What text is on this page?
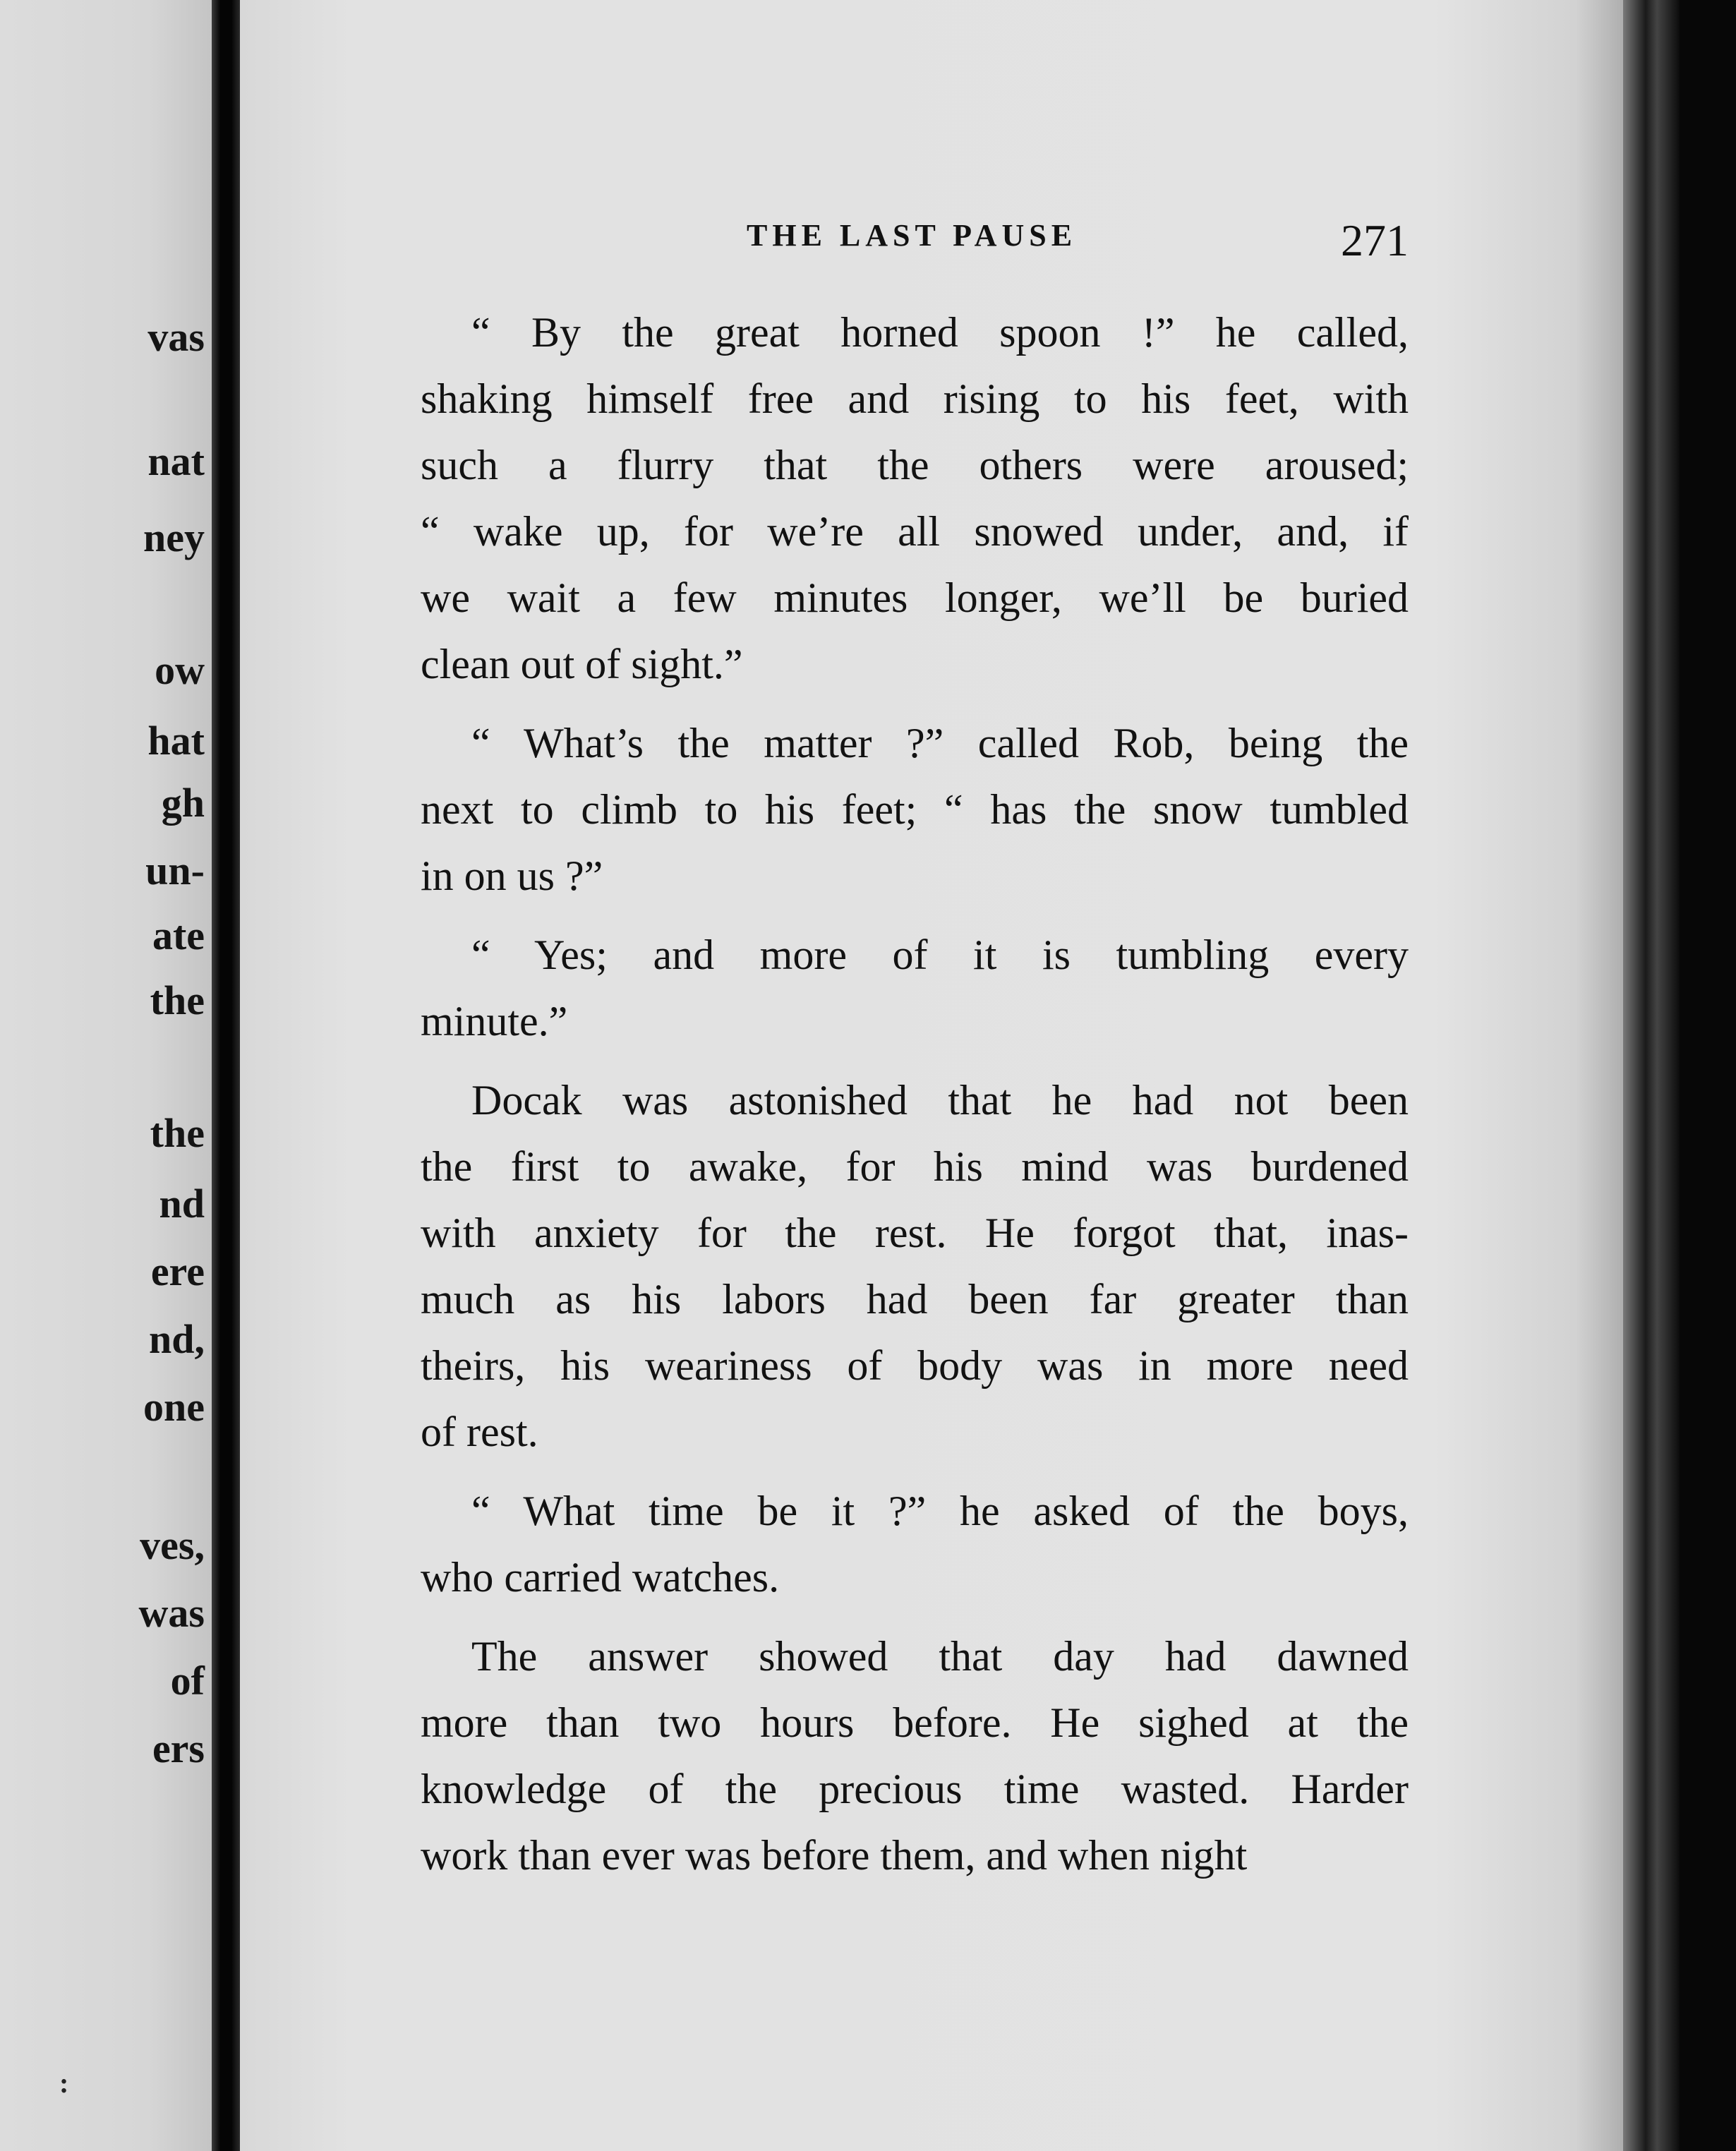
vas
nat
ney
ow
hat
gh
un-
ate
the
the
nd
ere
nd,
one
ves,
was
of
ers
:
THE LAST PAUSE	271
“ By the great horned spoon !” he called,
shaking himself free and rising to his feet, with
such a flurry that the others were aroused;
“ wake up, for we’re all snowed under, and, if
we wait a few minutes longer, we’ll be buried
clean out of sight.”
“ What’s the matter ?” called Rob, being the
next to climb to his feet; “ has the snow tumbled
in on us ?”
“ Yes; and more of it is tumbling every
minute.”
Docak was astonished that he had not been
the first to awake, for his mind was burdened
with anxiety for the rest. He forgot that, inas-
much as his labors had been far greater than
theirs, his weariness of body was in more need
of rest.
“ What time be it ?” he asked of the boys,
who carried watches.
The answer showed that day had dawned
more than two hours before. He sighed at the
knowledge of the precious time wasted. Harder
work than ever was before them, and when night
